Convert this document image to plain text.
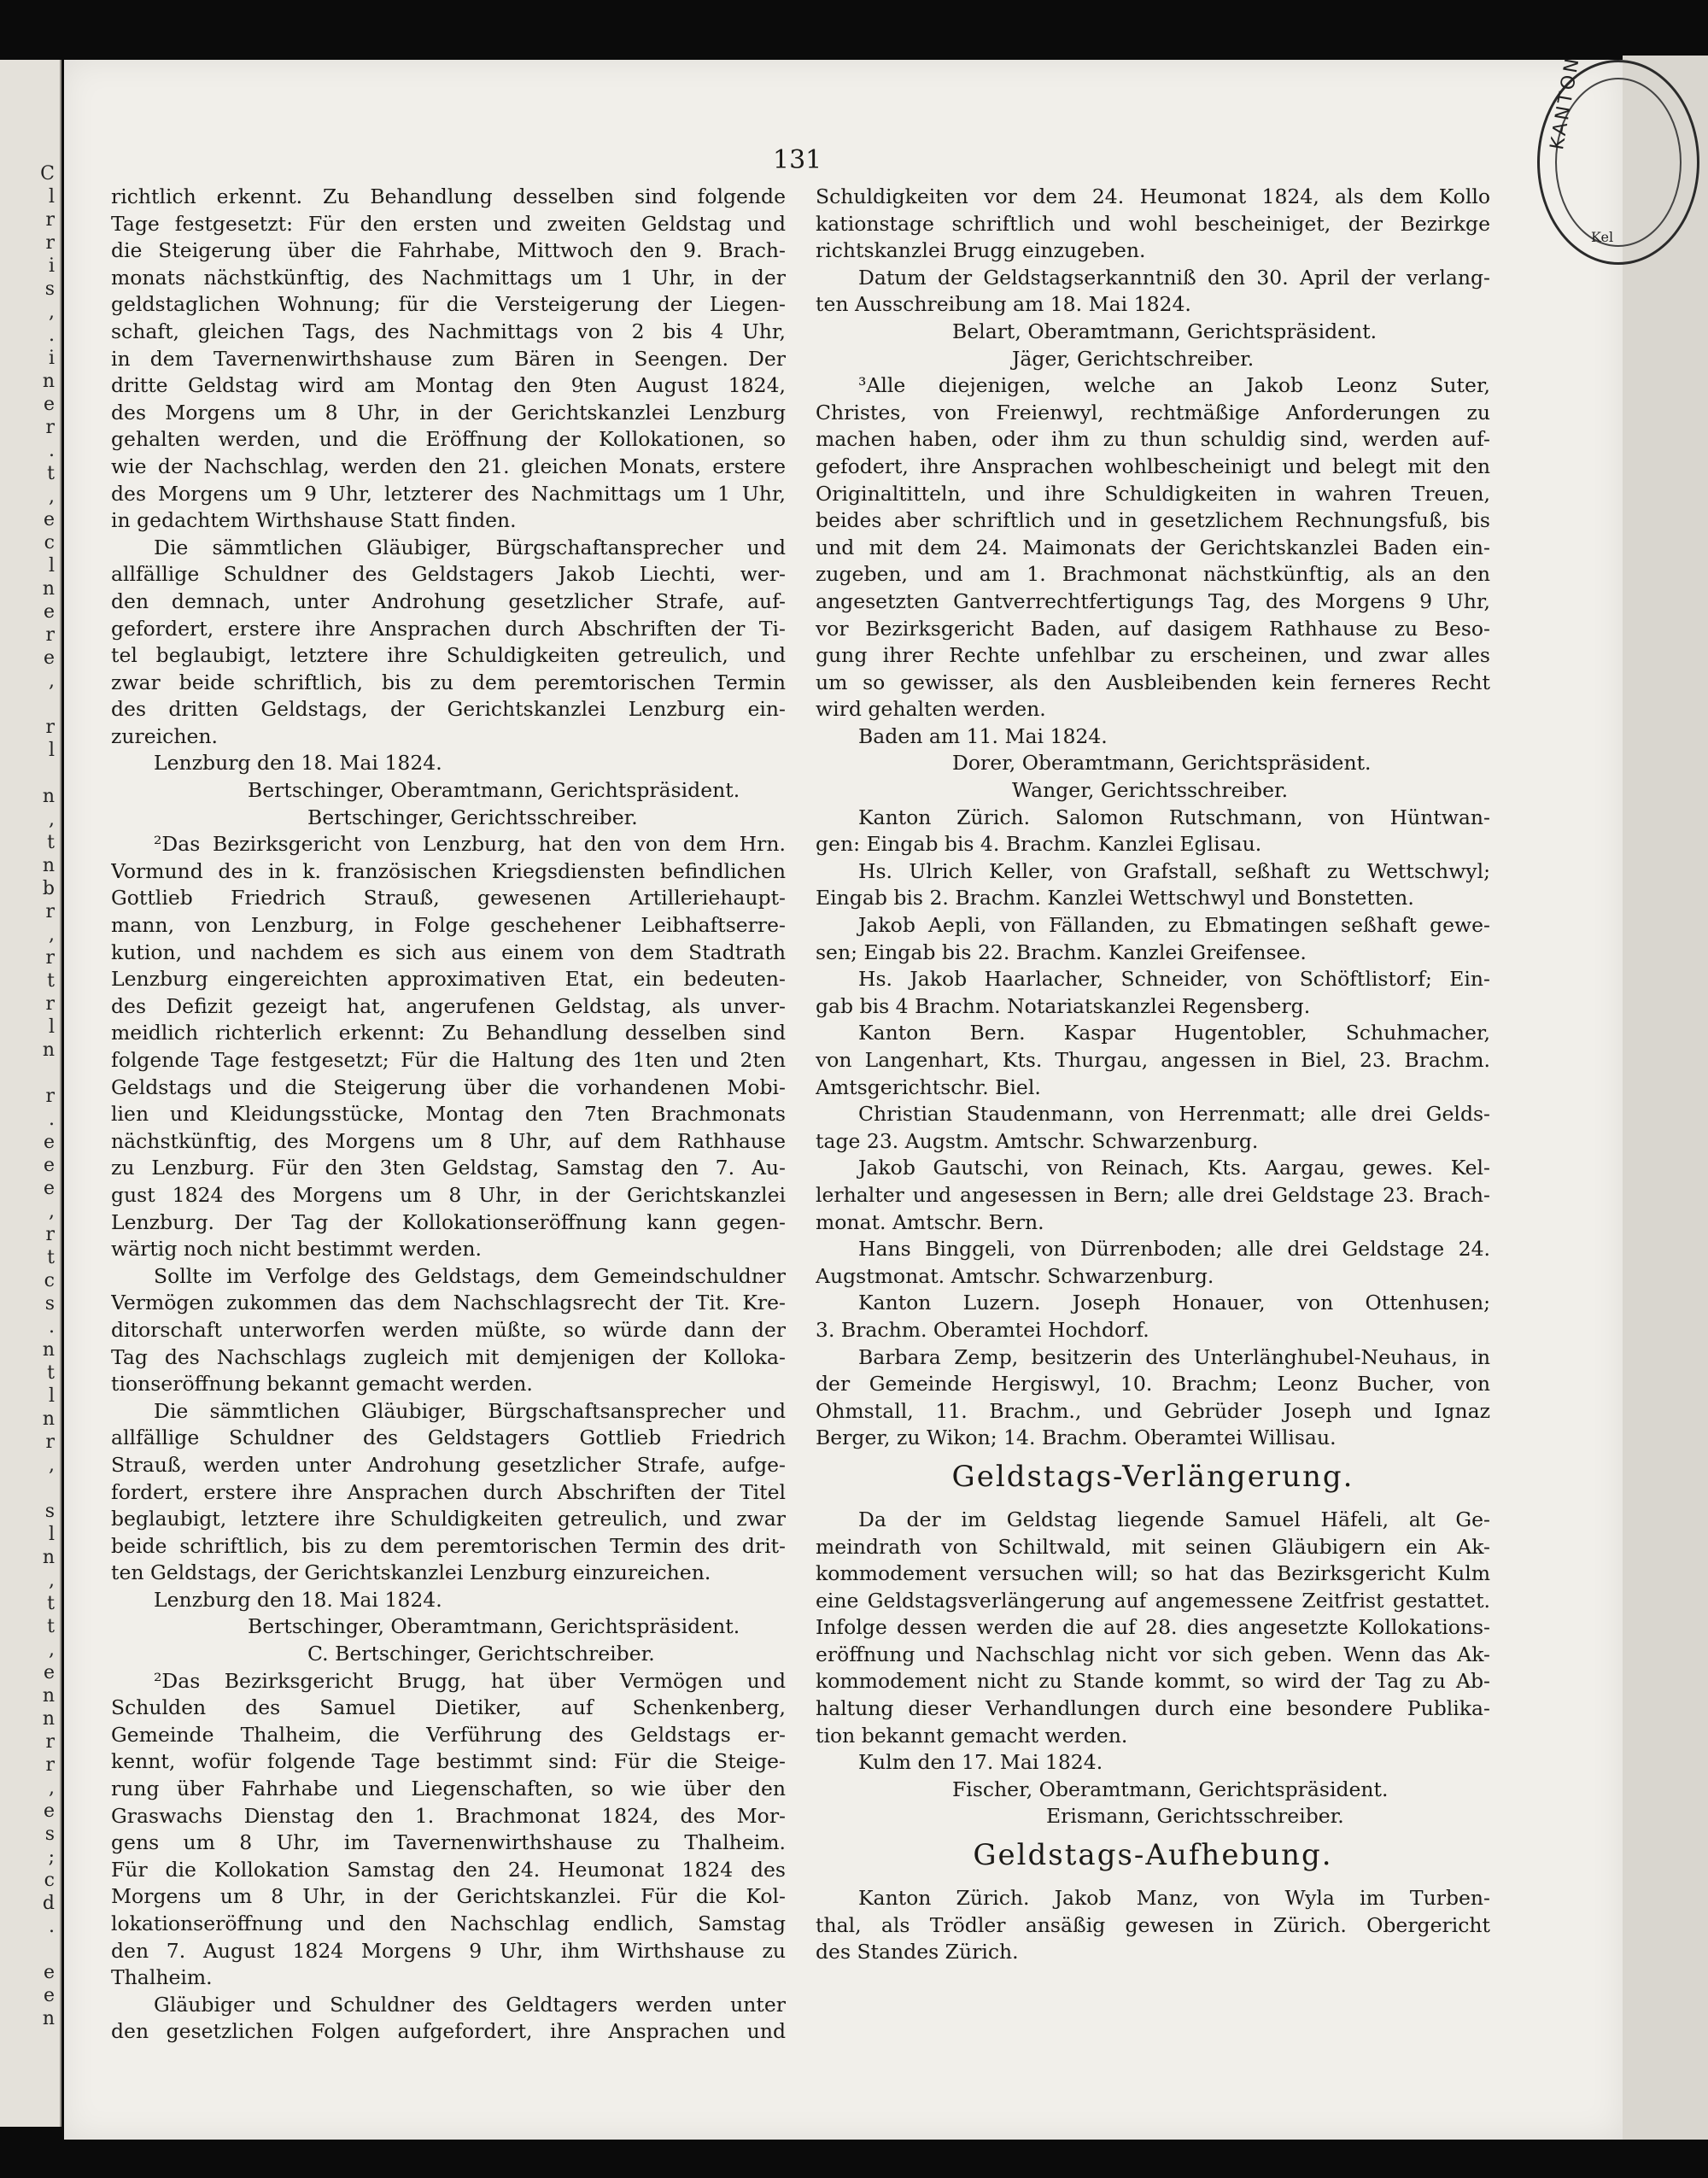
C
l
r
r
i
s
,
.
i
n
e
r
.
t
,
e
c
l
n
e
r
e
,

r
l

n
,
t
n
b
r
,
r
t
r
l
n

r
.
e
e
e
,
r
t
c
s
.
n
t
l
n
r
,

s
l
n
,
t
t
,
e
n
n
r
r
,
e
s
;
c
d
.

e
e
n
KANTON
Kel
131
richtlich erkennt. Zu Behandlung desselben sind folgende
Tage festgesetzt: Für den ersten und zweiten Geldstag und
die Steigerung über die Fahrhabe, Mittwoch den 9. Brach-
monats nächstkünftig, des Nachmittags um 1 Uhr, in der
geldstaglichen Wohnung; für die Versteigerung der Liegen-
schaft, gleichen Tags, des Nachmittags von 2 bis 4 Uhr,
in dem Tavernenwirthshause zum Bären in Seengen. Der
dritte Geldstag wird am Montag den 9ten August 1824,
des Morgens um 8 Uhr, in der Gerichtskanzlei Lenzburg
gehalten werden, und die Eröffnung der Kollokationen, so
wie der Nachschlag, werden den 21. gleichen Monats, erstere
des Morgens um 9 Uhr, letzterer des Nachmittags um 1 Uhr,
in gedachtem Wirthshause Statt finden.
Die sämmtlichen Gläubiger, Bürgschaftansprecher und
allfällige Schuldner des Geldstagers Jakob Liechti, wer-
den demnach, unter Androhung gesetzlicher Strafe, auf-
gefordert, erstere ihre Ansprachen durch Abschriften der Ti-
tel beglaubigt, letztere ihre Schuldigkeiten getreulich, und
zwar beide schriftlich, bis zu dem peremtorischen Termin
des dritten Geldstags, der Gerichtskanzlei Lenzburg ein-
zureichen.
Lenzburg den 18. Mai 1824.
Bertschinger, Oberamtmann, Gerichtspräsident.
Bertschinger, Gerichtsschreiber.
²Das Bezirksgericht von Lenzburg, hat den von dem Hrn.
Vormund des in k. französischen Kriegsdiensten befindlichen
Gottlieb Friedrich Strauß, gewesenen Artilleriehaupt-
mann, von Lenzburg, in Folge geschehener Leibhaftserre-
kution, und nachdem es sich aus einem von dem Stadtrath
Lenzburg eingereichten approximativen Etat, ein bedeuten-
des Defizit gezeigt hat, angerufenen Geldstag, als unver-
meidlich richterlich erkennt: Zu Behandlung desselben sind
folgende Tage festgesetzt; Für die Haltung des 1ten und 2ten
Geldstags und die Steigerung über die vorhandenen Mobi-
lien und Kleidungsstücke, Montag den 7ten Brachmonats
nächstkünftig, des Morgens um 8 Uhr, auf dem Rathhause
zu Lenzburg. Für den 3ten Geldstag, Samstag den 7. Au-
gust 1824 des Morgens um 8 Uhr, in der Gerichtskanzlei
Lenzburg. Der Tag der Kollokationseröffnung kann gegen-
wärtig noch nicht bestimmt werden.
Sollte im Verfolge des Geldstags, dem Gemeindschuldner
Vermögen zukommen das dem Nachschlagsrecht der Tit. Kre-
ditorschaft unterworfen werden müßte, so würde dann der
Tag des Nachschlags zugleich mit demjenigen der Kolloka-
tionseröffnung bekannt gemacht werden.
Die sämmtlichen Gläubiger, Bürgschaftsansprecher und
allfällige Schuldner des Geldstagers Gottlieb Friedrich
Strauß, werden unter Androhung gesetzlicher Strafe, aufge-
fordert, erstere ihre Ansprachen durch Abschriften der Titel
beglaubigt, letztere ihre Schuldigkeiten getreulich, und zwar
beide schriftlich, bis zu dem peremtorischen Termin des drit-
ten Geldstags, der Gerichtskanzlei Lenzburg einzureichen.
Lenzburg den 18. Mai 1824.
Bertschinger, Oberamtmann, Gerichtspräsident.
C. Bertschinger, Gerichtschreiber.
²Das Bezirksgericht Brugg, hat über Vermögen und
Schulden des Samuel Dietiker, auf Schenkenberg,
Gemeinde Thalheim, die Verführung des Geldstags er-
kennt, wofür folgende Tage bestimmt sind: Für die Steige-
rung über Fahrhabe und Liegenschaften, so wie über den
Graswachs Dienstag den 1. Brachmonat 1824, des Mor-
gens um 8 Uhr, im Tavernenwirthshause zu Thalheim.
Für die Kollokation Samstag den 24. Heumonat 1824 des
Morgens um 8 Uhr, in der Gerichtskanzlei. Für die Kol-
lokationseröffnung und den Nachschlag endlich, Samstag
den 7. August 1824 Morgens 9 Uhr, ihm Wirthshause zu
Thalheim.
Gläubiger und Schuldner des Geldtagers werden unter
den gesetzlichen Folgen aufgefordert, ihre Ansprachen und
Schuldigkeiten vor dem 24. Heumonat 1824, als dem Kollo
kationstage schriftlich und wohl bescheiniget, der Bezirkge
richtskanzlei Brugg einzugeben.
Datum der Geldstagserkanntniß den 30. April der verlang-
ten Ausschreibung am 18. Mai 1824.
Belart, Oberamtmann, Gerichtspräsident.
Jäger, Gerichtschreiber.
³Alle diejenigen, welche an Jakob Leonz Suter,
Christes, von Freienwyl, rechtmäßige Anforderungen zu
machen haben, oder ihm zu thun schuldig sind, werden auf-
gefodert, ihre Ansprachen wohlbescheinigt und belegt mit den
Originaltitteln, und ihre Schuldigkeiten in wahren Treuen,
beides aber schriftlich und in gesetzlichem Rechnungsfuß, bis
und mit dem 24. Maimonats der Gerichtskanzlei Baden ein-
zugeben, und am 1. Brachmonat nächstkünftig, als an den
angesetzten Gantverrechtfertigungs Tag, des Morgens 9 Uhr,
vor Bezirksgericht Baden, auf dasigem Rathhause zu Beso-
gung ihrer Rechte unfehlbar zu erscheinen, und zwar alles
um so gewisser, als den Ausbleibenden kein ferneres Recht
wird gehalten werden.
Baden am 11. Mai 1824.
Dorer, Oberamtmann, Gerichtspräsident.
Wanger, Gerichtsschreiber.
Kanton Zürich. Salomon Rutschmann, von Hüntwan-
gen: Eingab bis 4. Brachm. Kanzlei Eglisau.
Hs. Ulrich Keller, von Grafstall, seßhaft zu Wettschwyl;
Eingab bis 2. Brachm. Kanzlei Wettschwyl und Bonstetten.
Jakob Aepli, von Fällanden, zu Ebmatingen seßhaft gewe-
sen; Eingab bis 22. Brachm. Kanzlei Greifensee.
Hs. Jakob Haarlacher, Schneider, von Schöftlistorf; Ein-
gab bis 4 Brachm. Notariatskanzlei Regensberg.
Kanton Bern. Kaspar Hugentobler, Schuhmacher,
von Langenhart, Kts. Thurgau, angessen in Biel, 23. Brachm.
Amtsgerichtschr. Biel.
Christian Staudenmann, von Herrenmatt; alle drei Gelds-
tage 23. Augstm. Amtschr. Schwarzenburg.
Jakob Gautschi, von Reinach, Kts. Aargau, gewes. Kel-
lerhalter und angesessen in Bern; alle drei Geldstage 23. Brach-
monat. Amtschr. Bern.
Hans Binggeli, von Dürrenboden; alle drei Geldstage 24.
Augstmonat. Amtschr. Schwarzenburg.
Kanton Luzern. Joseph Honauer, von Ottenhusen;
3. Brachm. Oberamtei Hochdorf.
Barbara Zemp, besitzerin des Unterlänghubel-Neuhaus, in
der Gemeinde Hergiswyl, 10. Brachm; Leonz Bucher, von
Ohmstall, 11. Brachm., und Gebrüder Joseph und Ignaz
Berger, zu Wikon; 14. Brachm. Oberamtei Willisau.
Geldstags-Verlängerung.
Da der im Geldstag liegende Samuel Häfeli, alt Ge-
meindrath von Schiltwald, mit seinen Gläubigern ein Ak-
kommodement versuchen will; so hat das Bezirksgericht Kulm
eine Geldstagsverlängerung auf angemessene Zeitfrist gestattet.
Infolge dessen werden die auf 28. dies angesetzte Kollokations-
eröffnung und Nachschlag nicht vor sich geben. Wenn das Ak-
kommodement nicht zu Stande kommt, so wird der Tag zu Ab-
haltung dieser Verhandlungen durch eine besondere Publika-
tion bekannt gemacht werden.
Kulm den 17. Mai 1824.
Fischer, Oberamtmann, Gerichtspräsident.
Erismann, Gerichtsschreiber.
Geldstags-Aufhebung.
Kanton Zürich. Jakob Manz, von Wyla im Turben-
thal, als Trödler ansäßig gewesen in Zürich. Obergericht
des Standes Zürich.
